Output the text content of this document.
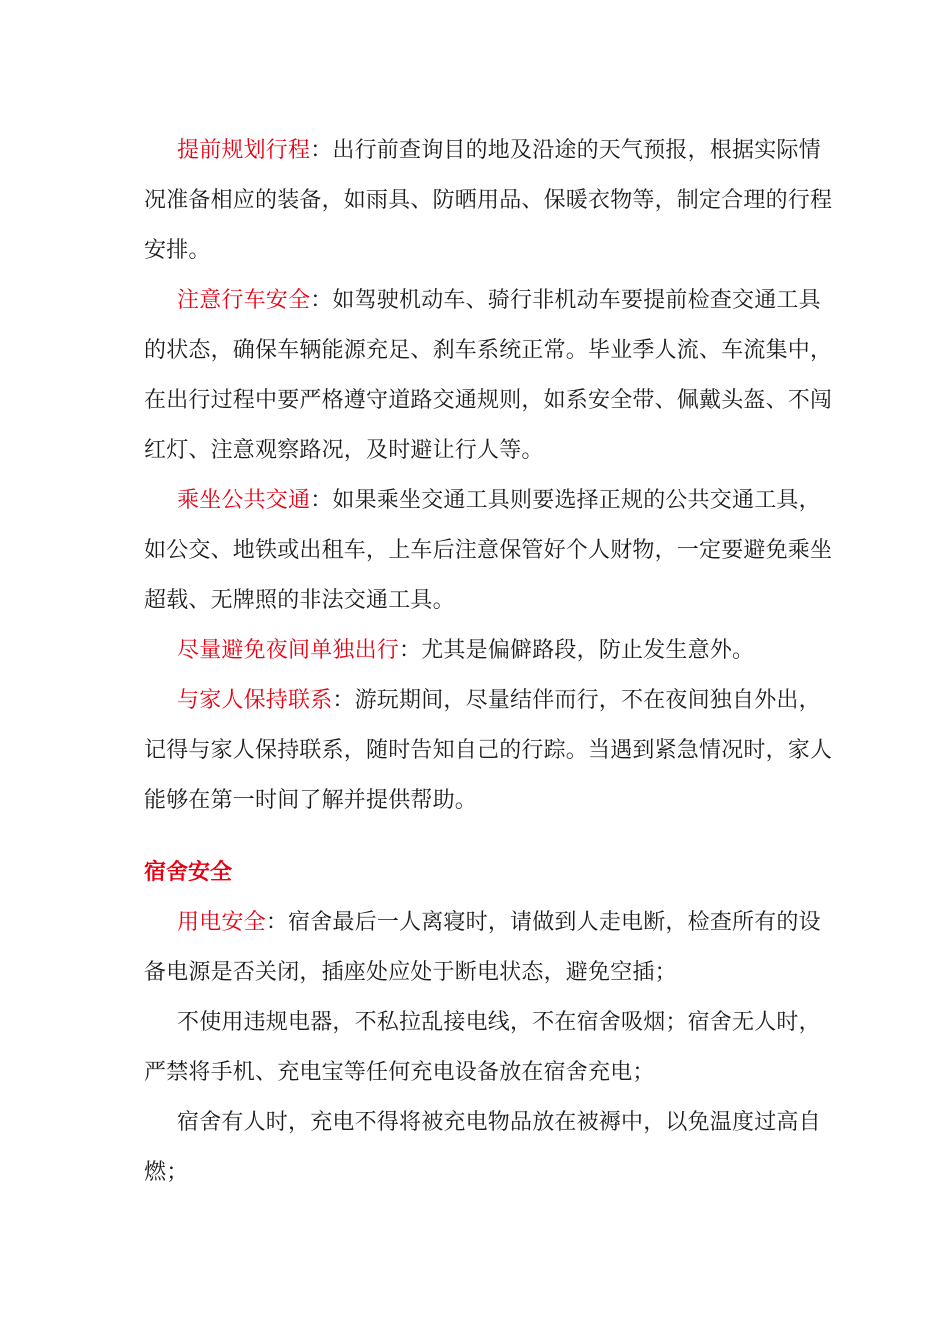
提前规划行程：出行前查询目的地及沿途的天气预报，根据实际情况准备相应的装备，如雨具、防晒用品、保暖衣物等，制定合理的行程安排。

注意行车安全：如驾驶机动车、骑行非机动车要提前检查交通工具的状态，确保车辆能源充足、刹车系统正常。毕业季人流、车流集中，在出行过程中要严格遵守道路交通规则，如系安全带、佩戴头盔、不闯红灯、注意观察路况，及时避让行人等。

乘坐公共交通：如果乘坐交通工具则要选择正规的公共交通工具，如公交、地铁或出租车，上车后注意保管好个人财物，一定要避免乘坐超载、无牌照的非法交通工具。

尽量避免夜间单独出行：尤其是偏僻路段，防止发生意外。

与家人保持联系：游玩期间，尽量结伴而行，不在夜间独自外出，记得与家人保持联系，随时告知自己的行踪。当遇到紧急情况时，家人能够在第一时间了解并提供帮助。

宿舍安全

用电安全：宿舍最后一人离寝时，请做到人走电断，检查所有的设备电源是否关闭，插座处应处于断电状态，避免空插；

不使用违规电器，不私拉乱接电线，不在宿舍吸烟；宿舍无人时，严禁将手机、充电宝等任何充电设备放在宿舍充电；

宿舍有人时，充电不得将被充电物品放在被褥中，以免温度过高自燃；
